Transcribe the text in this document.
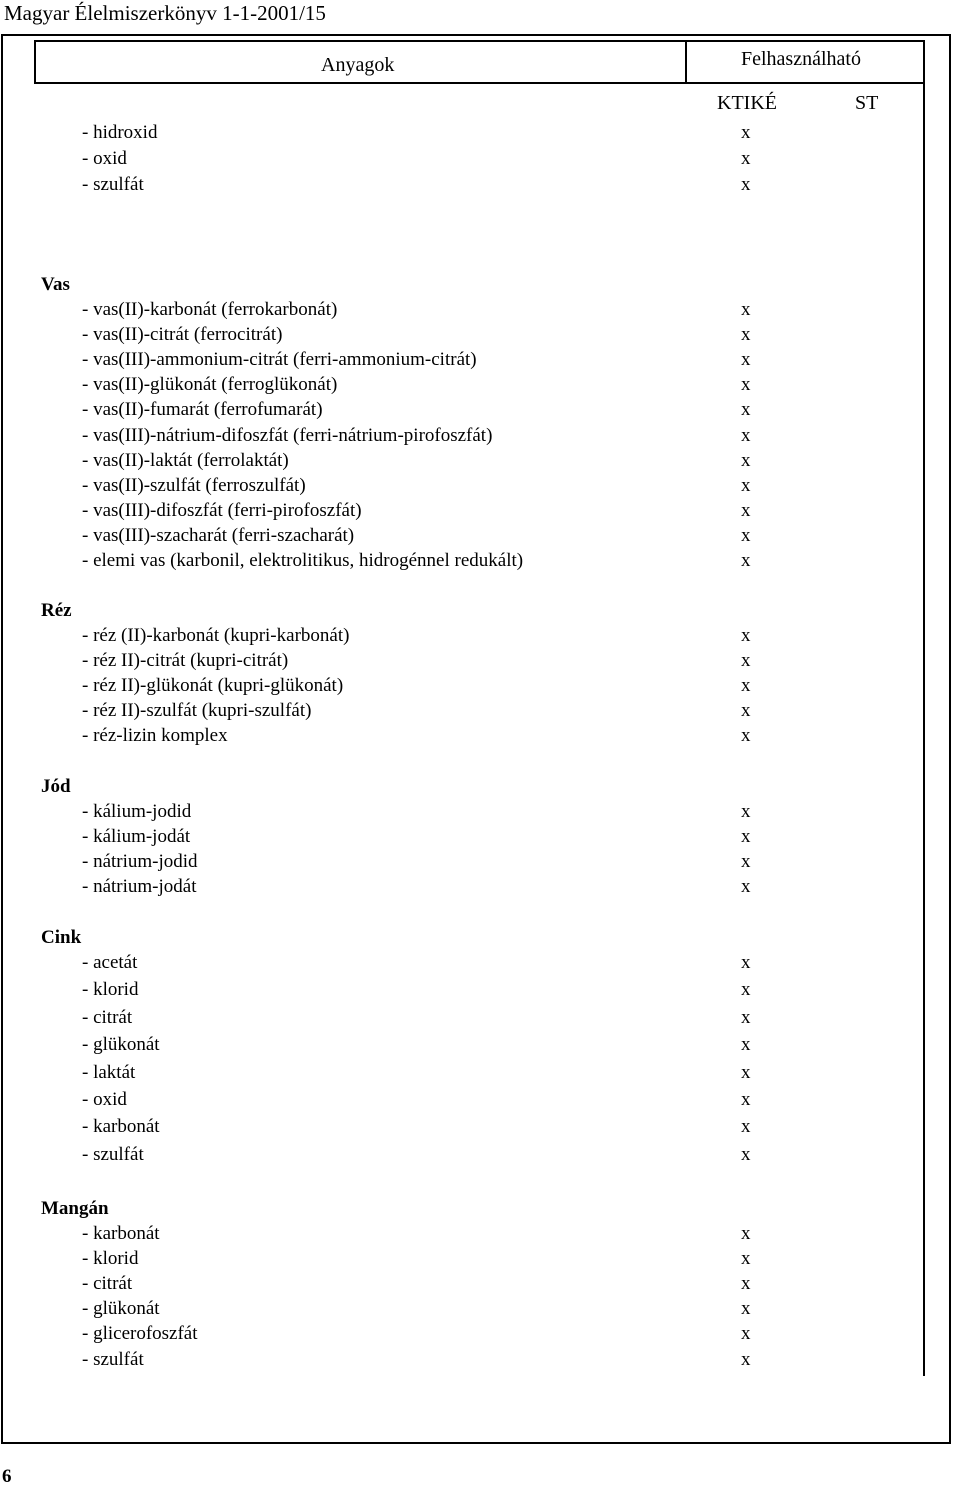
Magyar Élelmiszerkönyv 1-1-2001/15
Anyagok	Felhasználható
KTIKÉ	ST
- hidroxid	x
- oxid	x
- szulfát	x
Vas
- vas(II)-karbonát (ferrokarbonát)	x
- vas(II)-citrát (ferrocitrát)	x
- vas(III)-ammonium-citrát (ferri-ammonium-citrát)	x
- vas(II)-glükonát (ferroglükonát)	x
- vas(II)-fumarát (ferrofumarát)	x
- vas(III)-nátrium-difoszfát (ferri-nátrium-pirofoszfát)	x
- vas(II)-laktát (ferrolaktát)	x
- vas(II)-szulfát (ferroszulfát)	x
- vas(III)-difoszfát (ferri-pirofoszfát)	x
- vas(III)-szacharát (ferri-szacharát)	x
- elemi vas (karbonil, elektrolitikus, hidrogénnel redukált)	x
Réz
- réz (II)-karbonát (kupri-karbonát)	x
- réz II)-citrát (kupri-citrát)	x
- réz II)-glükonát (kupri-glükonát)	x
- réz II)-szulfát (kupri-szulfát)	x
- réz-lizin komplex	x
Jód
- kálium-jodid	x
- kálium-jodát	x
- nátrium-jodid	x
- nátrium-jodát	x
Cink
- acetát	x
- klorid	x
- citrát	x
- glükonát	x
- laktát	x
- oxid	x
- karbonát	x
- szulfát	x
Mangán
- karbonát	x
- klorid	x
- citrát	x
- glükonát	x
- glicerofoszfát	x
- szulfát	x
6
